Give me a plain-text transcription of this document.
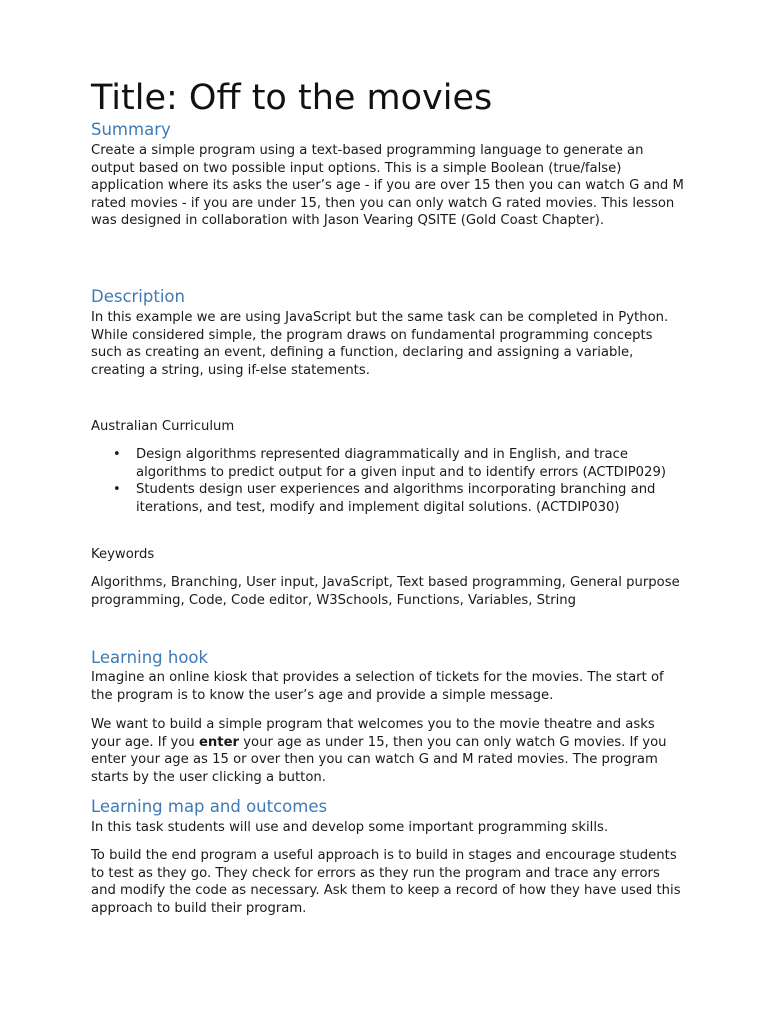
Title: Off to the movies
Summary

Create a simple program using a text-based programming language to generate an output based on two possible input options. This is a simple Boolean (true/false) application where its asks the user’s age - if you are over 15 then you can watch G and M rated movies - if you are under 15, then you can only watch G rated movies. This lesson was designed in collaboration with Jason Vearing QSITE (Gold Coast Chapter).

Description

In this example we are using JavaScript but the same task can be completed in Python. While considered simple, the program draws on fundamental programming concepts such as creating an event, defining a function, declaring and assigning a variable, creating a string, using if-else statements.

Australian Curriculum

• Design algorithms represented diagrammatically and in English, and trace algorithms to predict output for a given input and to identify errors (ACTDIP029)
• Students design user experiences and algorithms incorporating branching and iterations, and test, modify and implement digital solutions. (ACTDIP030)

Keywords

Algorithms, Branching, User input, JavaScript, Text based programming, General purpose programming, Code, Code editor, W3Schools, Functions, Variables, String

Learning hook

Imagine an online kiosk that provides a selection of tickets for the movies. The start of the program is to know the user’s age and provide a simple message.

We want to build a simple program that welcomes you to the movie theatre and asks your age. If you enter your age as under 15, then you can only watch G movies. If you enter your age as 15 or over then you can watch G and M rated movies. The program starts by the user clicking a button.

Learning map and outcomes

In this task students will use and develop some important programming skills.

To build the end program a useful approach is to build in stages and encourage students to test as they go. They check for errors as they run the program and trace any errors and modify the code as necessary. Ask them to keep a record of how they have used this approach to build their program.
